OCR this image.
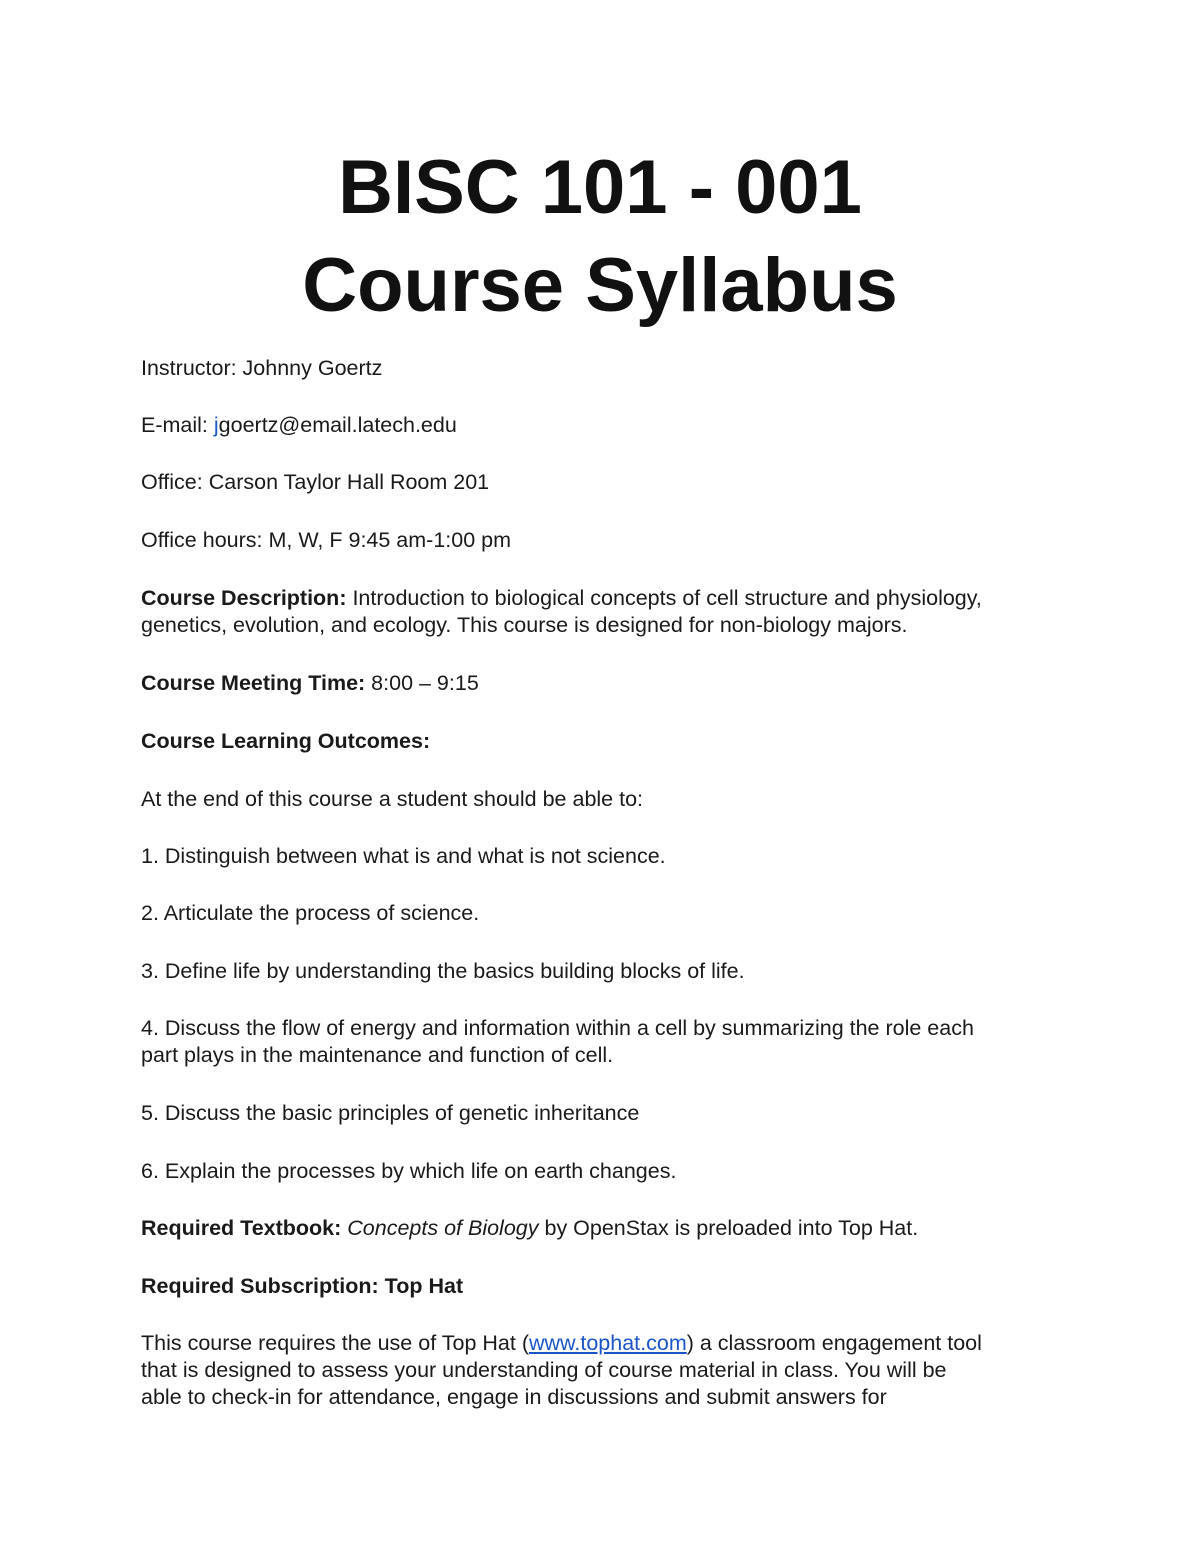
BISC 101 - 001
Course Syllabus
Instructor: Johnny Goertz
E-mail: jgoertz@email.latech.edu
Office: Carson Taylor Hall Room 201
Office hours: M, W, F 9:45 am-1:00 pm
Course Description: Introduction to biological concepts of cell structure and physiology,
genetics, evolution, and ecology. This course is designed for non-biology majors.
Course Meeting Time: 8:00 – 9:15
Course Learning Outcomes:
At the end of this course a student should be able to:
1. Distinguish between what is and what is not science.
2. Articulate the process of science.
3. Define life by understanding the basics building blocks of life.
4. Discuss the flow of energy and information within a cell by summarizing the role each
part plays in the maintenance and function of cell.
5. Discuss the basic principles of genetic inheritance
6. Explain the processes by which life on earth changes.
Required Textbook: Concepts of Biology by OpenStax is preloaded into Top Hat.
Required Subscription: Top Hat
This course requires the use of Top Hat (www.tophat.com) a classroom engagement tool
that is designed to assess your understanding of course material in class. You will be
able to check-in for attendance, engage in discussions and submit answers for
